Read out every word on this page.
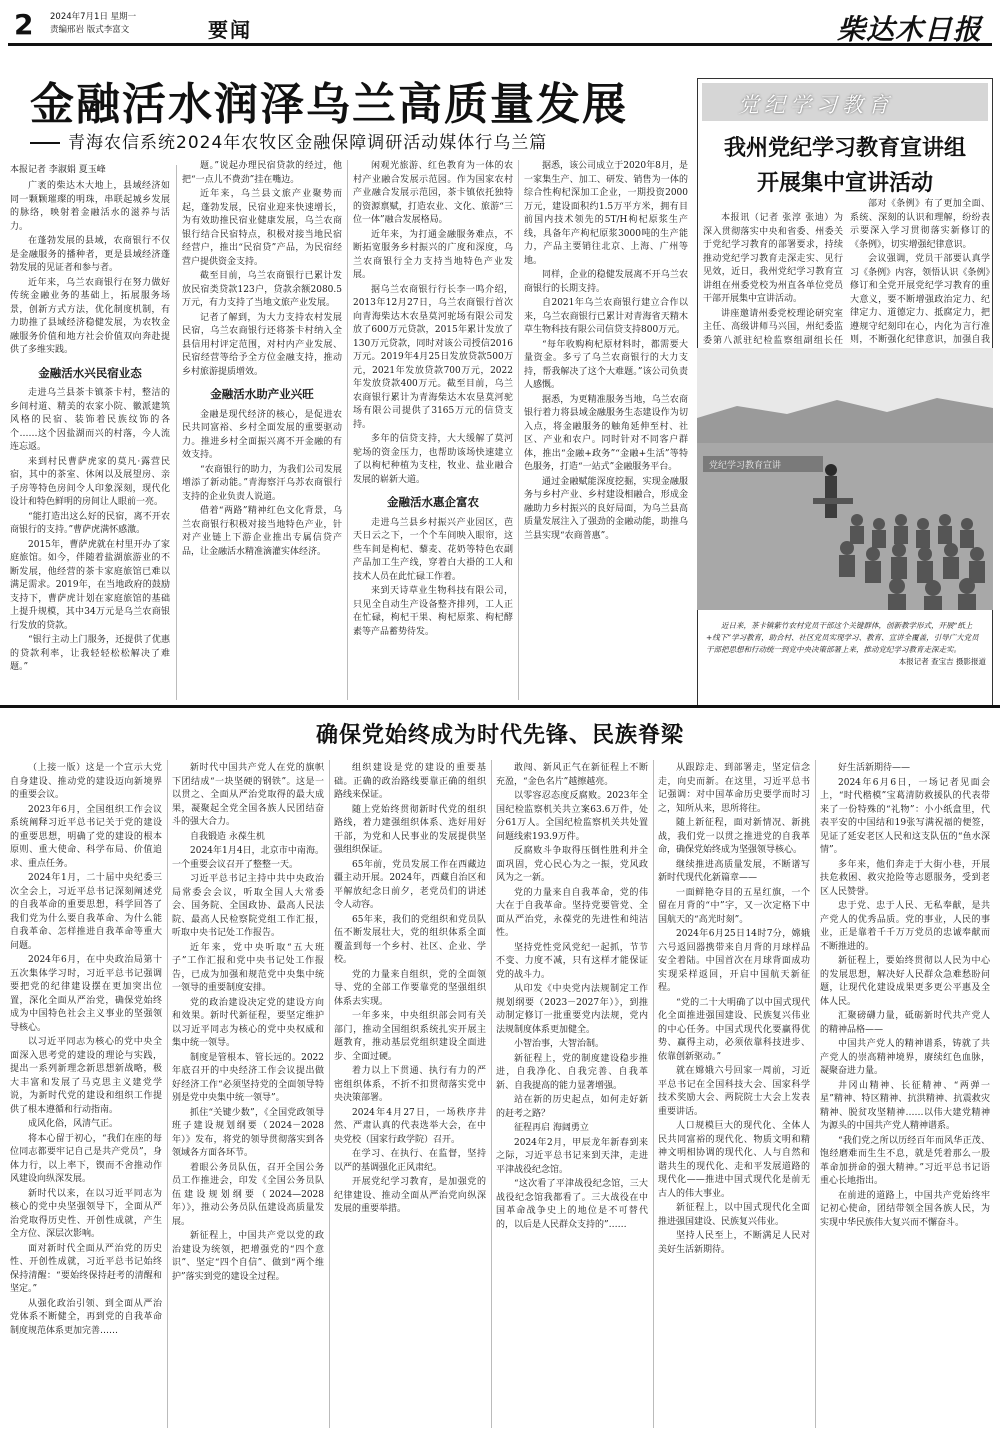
2 2024年7月1日 星期一
责编邢岩 版式李富文	要闻	柴达木日报
金融活水润泽乌兰高质量发展
青海农信系统2024年农牧区金融保障调研活动媒体行乌兰篇
本报记者 李淑娟 夏玉峰

广袤的柴达木大地上，县域经济如同一颗颗璀璨的明珠，串联起城乡发展的脉络，映射着金融活水的滋养与活力。

在蓬勃发展的县域，农商银行不仅是金融服务的播种者，更是县域经济蓬勃发展的见证者和参与者。

近年来，乌兰农商银行在努力做好传统金融业务的基础上，拓展服务场景，创新方式方法，优化制度机制，有力助推了县域经济稳健发展，为农牧金融服务价值和地方社会价值双向奔赴提供了多维实践。

金融活水兴民宿业态

走进乌兰县茶卡镇茶卡村，整洁的乡间村道、精美的农家小院、徽派建筑风格的民宿、装饰着民族纹饰的各个……这个因盐湖而兴的村落，今人流连忘返。

来到村民曹萨虎家的莫凡·露营民宿，其中的茶室、休闲以及展望房、亲子房等特色房间令人印象深刻，现代化设计和特色鲜明的房间让人眼前一亮。

“能打造出这么好的民宿，离不开农商银行的支持。”曹萨虎满怀感激。

2015年，曹萨虎就在村里开办了家庭旅馆。如今，伴随着盐湖旅游业的不断发展，他经营的茶卡家庭旅馆已难以满足需求。2019年，在当地政府的鼓励支持下，曹萨虎计划在家庭旅馆的基础上提升规模，其中34万元是乌兰农商银行发放的贷款。

“银行主动上门服务，还提供了优惠的贷款利率，让我轻轻松松解决了难题。”

题。”说起办理民宿贷款的经过，他把“一点儿不费劲”挂在嘴边。

近年来，乌兰县文旅产业聚势而起，蓬勃发展，民宿业迎来快速增长，为有效助推民宿业健康发展，乌兰农商银行结合民宿特点，积极对接当地民宿经营户，推出“民宿贷”产品，为民宿经营户提供资金支持。

截至目前，乌兰农商银行已累计发放民宿类贷款123户，贷款余额2080.5万元，有力支持了当地文旅产业发展。

记者了解到，为大力支持农村发展民宿，乌兰农商银行还将茶卡村纳入全县信用村评定范围，对村内产业发展、民宿经营等给予全方位金融支持，推动乡村旅游提质增效。

金融活水助产业兴旺

金融是现代经济的核心，是促进农民共同富裕、乡村全面发展的重要驱动力。推进乡村全面振兴离不开金融的有效支持。

“农商银行的助力，为我们公司发展增添了新动能。”青海察汗乌苏农商银行支持的企业负责人说道。

借着“两路”精神红色文化背景，乌兰农商银行积极对接当地特色产业，针对产业链上下游企业推出专属信贷产品，让金融活水精准滴灌实体经济。

闲观光旅游、红色教育为一体的农村产业融合发展示范园。作为国家农村产业融合发展示范园，茶卡镇依托独特的资源禀赋，打造农业、文化、旅游“三位一体”融合发展格局。

近年来，为打通金融服务难点，不断拓宽服务乡村振兴的广度和深度，乌兰农商银行全力支持当地特色产业发展。

据乌兰农商银行行长李一鸣介绍，2013年12月27日，乌兰农商银行首次向青海柴达木农垦莫河驼场有限公司发放了600万元贷款，2015年累计发放了130万元贷款，同时对该公司授信2016万元。2019年4月25日发放贷款500万元，2021年发放贷款700万元，2022年发放贷款400万元。截至目前，乌兰农商银行累计为青海柴达木农垦莫河驼场有限公司提供了3165万元的信贷支持。

多年的信贷支持，大大缓解了莫河驼场的资金压力，也帮助该场快速建立了以枸杞种植为支柱，牧业、盐业融合发展的崭新大道。

金融活水惠企富农

走进乌兰县乡村振兴产业园区，芭天日云之下，一个个车间映入眼帘，这些车间是枸杞、藜麦、花奶等特色农副产品加工生产线，穿着白大褂的工人和技术人员在此忙碌工作着。

来到天诗草业生物科技有限公司，只见全自动生产设备整齐排列，工人正在忙碌，枸杞干果、枸杞原浆、枸杞酵素等产品蓄势待发。

据悉，该公司成立于2020年8月，是一家集生产、加工、研发、销售为一体的综合性枸杞深加工企业，一期投资2000万元，建设面积约1.5万平方米，拥有目前国内技术领先的5T/H枸杞原浆生产线，具备年产枸杞原浆3000吨的生产能力，产品主要销往北京、上海、广州等地。

同样，企业的稳健发展离不开乌兰农商银行的长期支持。

自2021年乌兰农商银行建立合作以来，乌兰农商银行已累计对青海省天精木草生物科技有限公司信贷支持800万元。

“每年收购枸杞原材料时，都需要大量资金。多亏了乌兰农商银行的大力支持，帮我解决了这个大难题。”该公司负责人感慨。

据悉，为更精准服务当地，乌兰农商银行着力将县域金融服务生态建设作为切入点，将金融服务的触角延伸至村、社区、产业和农户。同时针对不同客户群体，推出“金融+政务”“金融+生活”等特色服务，打造“一站式”金融服务平台。

通过金融赋能深度挖掘，实现金融服务与乡村产业、乡村建设相融合，形成金融助力乡村振兴的良好局面，为乌兰县高质量发展注入了强劲的金融动能，助推乌兰县实现“农商普惠”。

党纪学习教育
我州党纪学习教育宣讲组
开展集中宣讲活动

本报讯（记者 张淳 张迪）为深入贯彻落实中央和省委、州委关于党纪学习教育的部署要求，持续推动党纪学习教育走深走实、见行见效，近日，我州党纪学习教育宣讲组在州委党校为州直各单位党员干部开展集中宣讲活动。

讲座邀请州委党校理论研究室主任、高级讲师马兴国，州纪委监委第八派驻纪检监察组副组长任

部对《条例》有了更加全面、系统、深刻的认识和理解，纷纷表示要深入学习贯彻落实新修订的《条例》，切实增强纪律意识。

会议强调，党员干部要认真学习《条例》内容，领悟认识《条例》修订和全党开展党纪学习教育的重大意义，要不断增强政治定力、纪律定力、道德定力、抵腐定力，把遵规守纪刻印在心，内化为言行准则，不断强化纪律意识，加强自我

党纪学习教育宣讲
近日来，茶卡镇紫竹农村党员干部这个关键群体，创新教学形式，开展“纸上+线下”学习教育，助合村、社区党员实现学习、教育、宣讲全覆盖，引导广大党员干部把思想和行动统一到党中央决策部署上来，推动党纪学习教育走深走实。
本报记者 查宝吉 摄影报道
确保党始终成为时代先锋、民族脊梁

（上接一版）这是一个宣示大党自身建设、推动党的建设迈向新境界的重要会议。

2023年6月，全国组织工作会议系统阐释习近平总书记关于党的建设的重要思想，明确了党的建设的根本原则、重大使命、科学布局、价值追求、重点任务。

2024年1月，二十届中央纪委三次全会上，习近平总书记深刻阐述党的自我革命的重要思想，科学回答了我们党为什么要自我革命、为什么能自我革命、怎样推进自我革命等重大问题。

2024年6月，在中央政治局第十五次集体学习时，习近平总书记强调要把党的纪律建设摆在更加突出位置，深化全面从严治党，确保党始终成为中国特色社会主义事业的坚强领导核心。

以习近平同志为核心的党中央全面深入思考党的建设的理论与实践，提出一系列新理念新思想新战略，极大丰富和发展了马克思主义建党学说，为新时代党的建设和组织工作提供了根本遵循和行动指南。

成风化俗，风清气正。

将本心留于初心，“我们在座的每位同志都要牢记自己是共产党员”，身体力行，以上率下，锲而不舍推动作风建设向纵深发展。

新时代以来，在以习近平同志为核心的党中央坚强领导下，全面从严治党取得历史性、开创性成就，产生全方位、深层次影响。

面对新时代全面从严治党的历史性、开创性成就，习近平总书记始终保持清醒：“要始终保持赶考的清醒和坚定。”

从强化政治引领、到全面从严治党体系不断健全，再到党的自我革命制度规范体系更加完善……

新时代中国共产党人在党的旗帜下团结成“一块坚硬的钢铁”。这是一以贯之、全面从严治党取得的最大成果，凝聚起全党全国各族人民团结奋斗的强大合力。

自我锻造 永葆生机

2024年1月4日，北京市中南海。一个重要会议召开了整整一天。

习近平总书记主持中共中央政治局常委会会议，听取全国人大常委会、国务院、全国政协、最高人民法院、最高人民检察院党组工作汇报，听取中央书记处工作报告。

近年来，党中央听取“五大班子”工作汇报和党中央书记处工作报告，已成为加强和规范党中央集中统一领导的重要制度安排。

党的政治建设决定党的建设方向和效果。新时代新征程，要坚定维护以习近平同志为核心的党中央权威和集中统一领导。

制度是管根本、管长远的。2022年底召开的中央经济工作会议提出做好经济工作“必须坚持党的全面领导特别是党中央集中统一领导”。

抓住“关键少数”，《全国党政领导班子建设规划纲要（2024－2028年）》发布，将党的领导贯彻落实到各领域各方面各环节。

着眼公务员队伍，召开全国公务员工作推进会，印发《全国公务员队伍建设规划纲要（2024—2028年）》，推动公务员队伍建设高质量发展。

新征程上，中国共产党以党的政治建设为统领，把增强党的“四个意识”、坚定“四个自信”、做到“两个维护”落实到党的建设全过程。

组织建设是党的建设的重要基础。正确的政治路线要靠正确的组织路线来保证。

随上党始终贯彻新时代党的组织路线，着力建强组织体系、选好用好干部，为党和人民事业的发展提供坚强组织保证。

65年前，党员发展工作在西藏边疆主动开展。2024年，西藏自治区和平解放纪念日前夕，老党员们的讲述令人动容。

65年来，我们的党组织和党员队伍不断发展壮大，党的组织体系全面覆盖到每一个乡村、社区、企业、学校。

党的力量来自组织，党的全面领导、党的全部工作要靠党的坚强组织体系去实现。

一年多来，中央组织部会同有关部门，推动全国组织系统扎实开展主题教育，推动基层党组织建设全面进步、全面过硬。

着力以上下贯通、执行有力的严密组织体系，不折不扣贯彻落实党中央决策部署。

2024年4月27日，一场秩序井然、严肃认真的代表选举大会，在中央党校（国家行政学院）召开。

在学习、在执行、在监督，坚持以严的基调强化正风肃纪。

开展党纪学习教育，是加强党的纪律建设、推动全面从严治党向纵深发展的重要举措。

敢闯、新风正气在新征程上不断充盈，“金色名片”越擦越亮。

以零容忍态度反腐败。2023年全国纪检监察机关共立案63.6万件，处分61万人。全国纪检监察机关共处置问题线索193.9万件。

反腐败斗争取得压倒性胜利并全面巩固，党心民心为之一振，党风政风为之一新。

党的力量来自自我革命，党的伟大在于自我革命。坚持党要管党、全面从严治党，永葆党的先进性和纯洁性。

坚持党性党风党纪一起抓，节节不变、力度不减，只有这样才能保证党的战斗力。

从印发《中央党内法规制定工作规划纲要（2023－2027年）》，到推动制定修订一批重要党内法规，党内法规制度体系更加健全。

小智治事，大智治制。

新征程上，党的制度建设稳步推进，自我净化、自我完善、自我革新、自我提高的能力显著增强。

站在新的历史起点，如何走好新的赶考之路？

征程再启 海阔勇立

2024年2月，甲辰龙年新春到来之际，习近平总书记来到天津，走进平津战役纪念馆。

“这次看了平津战役纪念馆，三大战役纪念馆我都看了。三大战役在中国革命战争史上的地位是不可替代的，以后是人民群众支持的”……

从跟踪走、到部署走，坚定信念走，向史而新。在这里，习近平总书记强调：对中国革命历史要学而时习之，知所从来，思所将往。

随上新征程，面对新情况、新挑战，我们党一以贯之推进党的自我革命，确保党始终成为坚强领导核心。

继续推进高质量发展，不断谱写新时代现代化新篇章——

一面鲜艳夺目的五星红旗，一个留在月背的“中”字，又一次定格下中国航天的“高光时刻”。

2024年6月25日14时7分，嫦娥六号返回器携带来自月背的月球样品安全着陆。中国首次在月球背面成功实现采样返回，开启中国航天新征程。

“党的二十大明确了以中国式现代化全面推进强国建设、民族复兴伟业的中心任务。中国式现代化要赢得优势、赢得主动，必须依靠科技进步、依靠创新驱动。”

就在嫦娥六号回家一周前，习近平总书记在全国科技大会、国家科学技术奖励大会、两院院士大会上发表重要讲话。

人口规模巨大的现代化、全体人民共同富裕的现代化、物质文明和精神文明相协调的现代化、人与自然和谐共生的现代化、走和平发展道路的现代化——推进中国式现代化是前无古人的伟大事业。

新征程上，以中国式现代化全面推进强国建设、民族复兴伟业。

坚持人民至上，不断满足人民对美好生活新期待。

好生活新期待——

2024年6月6日，一场记者见面会上，“时代楷模”宝葛清防救援队的代表带来了一份特殊的“礼物”：小小纸盒里，代表平安的中国结和19张写满祝福的便签，见证了延安老区人民和这支队伍的“鱼水深情”。

多年来，他们奔走于大街小巷，开展扶危救困、救灾抢险等志愿服务，受到老区人民赞誉。

忠于党、忠于人民、无私奉献，是共产党人的优秀品质。党的事业，人民的事业，正是靠着千千万万党员的忠诚奉献而不断推进的。

新征程上，要始终贯彻以人民为中心的发展思想，解决好人民群众急难愁盼问题，让现代化建设成果更多更公平惠及全体人民。

汇聚磅礴力量，砥砺新时代共产党人的精神品格——

中国共产党人的精神谱系，铸就了共产党人的崇高精神境界，赓续红色血脉，凝聚奋进力量。

井冈山精神、长征精神、“两弹一星”精神、特区精神、抗洪精神、抗震救灾精神、脱贫攻坚精神……以伟大建党精神为源头的中国共产党人精神谱系。

“我们党之所以历经百年而风华正茂、饱经磨难而生生不息，就是凭着那么一股革命加拼命的强大精神。”习近平总书记语重心长地指出。

在前进的道路上，中国共产党始终牢记初心使命，团结带领全国各族人民，为实现中华民族伟大复兴而不懈奋斗。
